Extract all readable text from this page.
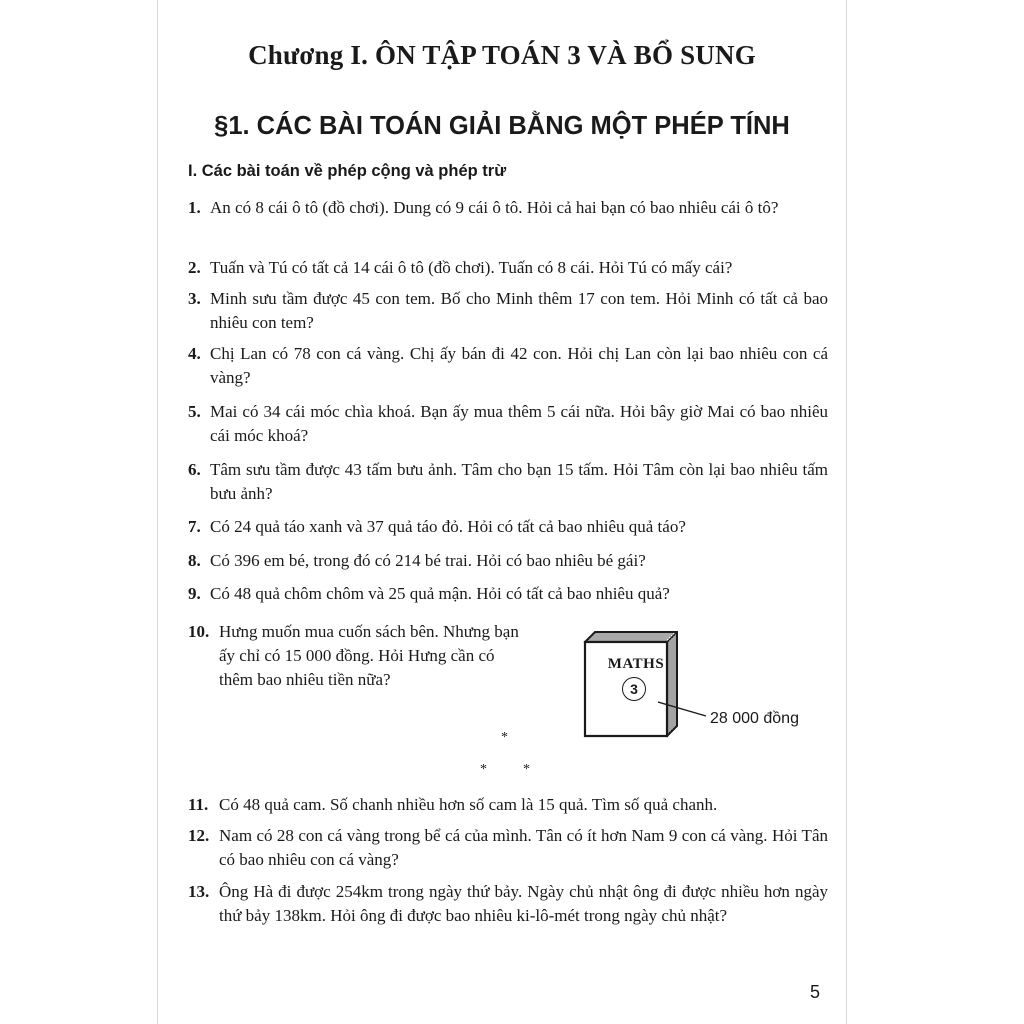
Chương I. ÔN TẬP TOÁN 3 VÀ BỔ SUNG
§1. CÁC BÀI TOÁN GIẢI BẰNG MỘT PHÉP TÍNH
I. Các bài toán về phép cộng và phép trừ
1. An có 8 cái ô tô (đồ chơi). Dung có 9 cái ô tô. Hỏi cả hai bạn có bao nhiêu cái ô tô?
2. Tuấn và Tú có tất cả 14 cái ô tô (đồ chơi). Tuấn có 8 cái. Hỏi Tú có mấy cái?
3. Minh sưu tầm được 45 con tem. Bố cho Minh thêm 17 con tem. Hỏi Minh có tất cả bao nhiêu con tem?
4. Chị Lan có 78 con cá vàng. Chị ấy bán đi 42 con. Hỏi chị Lan còn lại bao nhiêu con cá vàng?
5. Mai có 34 cái móc chìa khoá. Bạn ấy mua thêm 5 cái nữa. Hỏi bây giờ Mai có bao nhiêu cái móc khoá?
6. Tâm sưu tầm được 43 tấm bưu ảnh. Tâm cho bạn 15 tấm. Hỏi Tâm còn lại bao nhiêu tấm bưu ảnh?
7. Có 24 quả táo xanh và 37 quả táo đỏ. Hỏi có tất cả bao nhiêu quả táo?
8. Có 396 em bé, trong đó có 214 bé trai. Hỏi có bao nhiêu bé gái?
9. Có 48 quả chôm chôm và 25 quả mận. Hỏi có tất cả bao nhiêu quả?
10. Hưng muốn mua cuốn sách bên. Nhưng bạn ấy chỉ có 15 000 đồng. Hỏi Hưng cần có thêm bao nhiêu tiền nữa?
MATHS
3
28 000 đồng
*
*	*
11. Có 48 quả cam. Số chanh nhiều hơn số cam là 15 quả. Tìm số quả chanh.
12. Nam có 28 con cá vàng trong bể cá của mình. Tân có ít hơn Nam 9 con cá vàng. Hỏi Tân có bao nhiêu con cá vàng?
13. Ông Hà đi được 254km trong ngày thứ bảy. Ngày chủ nhật ông đi được nhiều hơn ngày thứ bảy 138km. Hỏi ông đi được bao nhiêu ki-lô-mét trong ngày chủ nhật?
5
